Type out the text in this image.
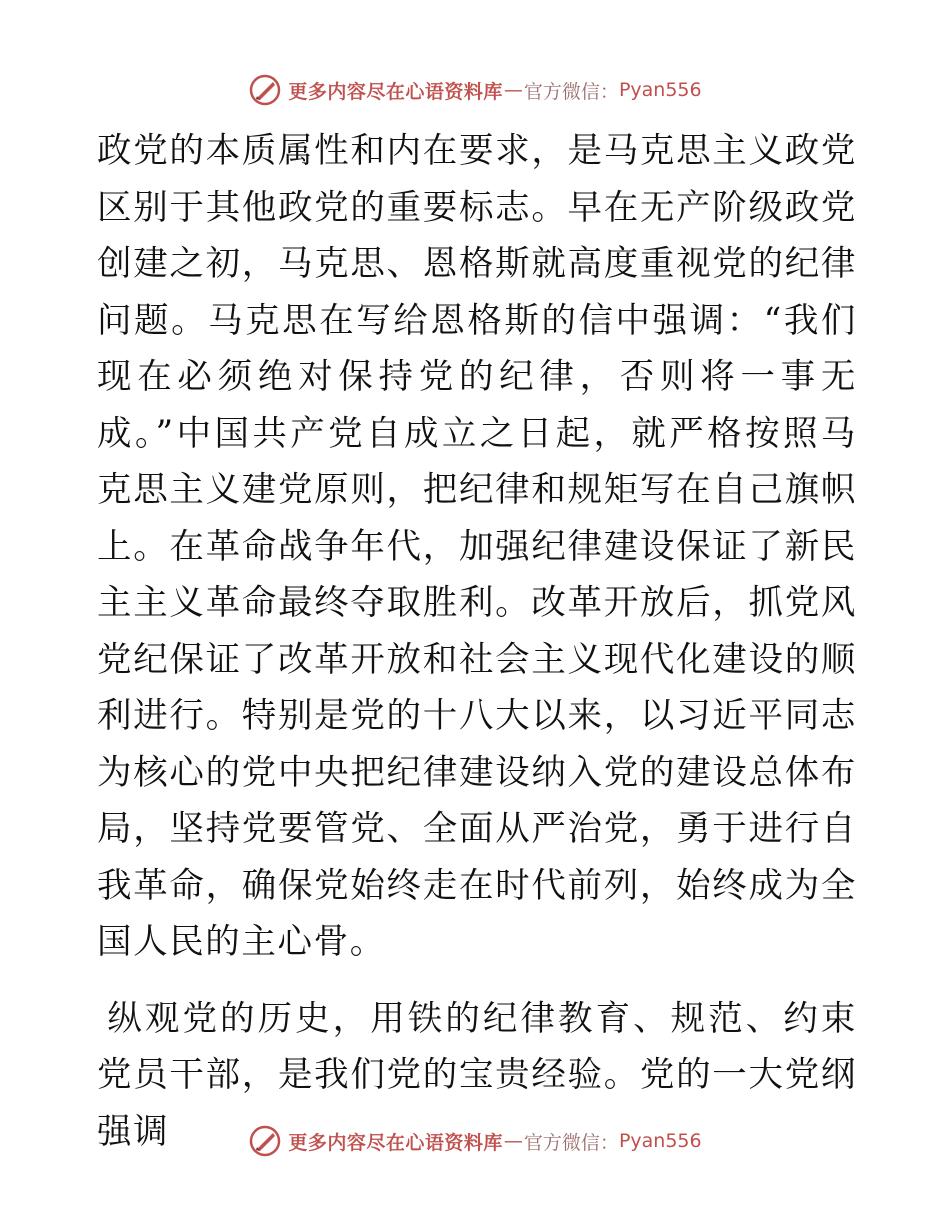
更多内容尽在心语资料库 — 官方微信： Pyan556

政党的本质属性和内在要求，是马克思主义政党区别于其他政党的重要标志。早在无产阶级政党创建之初，马克思、恩格斯就高度重视党的纪律问题。马克思在写给恩格斯的信中强调：“我们现在必须绝对保持党的纪律，否则将一事无成。”中国共产党自成立之日起，就严格按照马克思主义建党原则，把纪律和规矩写在自己旗帜上。在革命战争年代，加强纪律建设保证了新民主主义革命最终夺取胜利。改革开放后，抓党风党纪保证了改革开放和社会主义现代化建设的顺利进行。特别是党的十八大以来，以习近平同志为核心的党中央把纪律建设纳入党的建设总体布局，坚持党要管党、全面从严治党，勇于进行自我革命，确保党始终走在时代前列，始终成为全国人民的主心骨。

纵观党的历史，用铁的纪律教育、规范、约束党员干部，是我们党的宝贵经验。党的一大党纲强调	更多内容尽在心语资料库 — 官方微信： Pyan556
